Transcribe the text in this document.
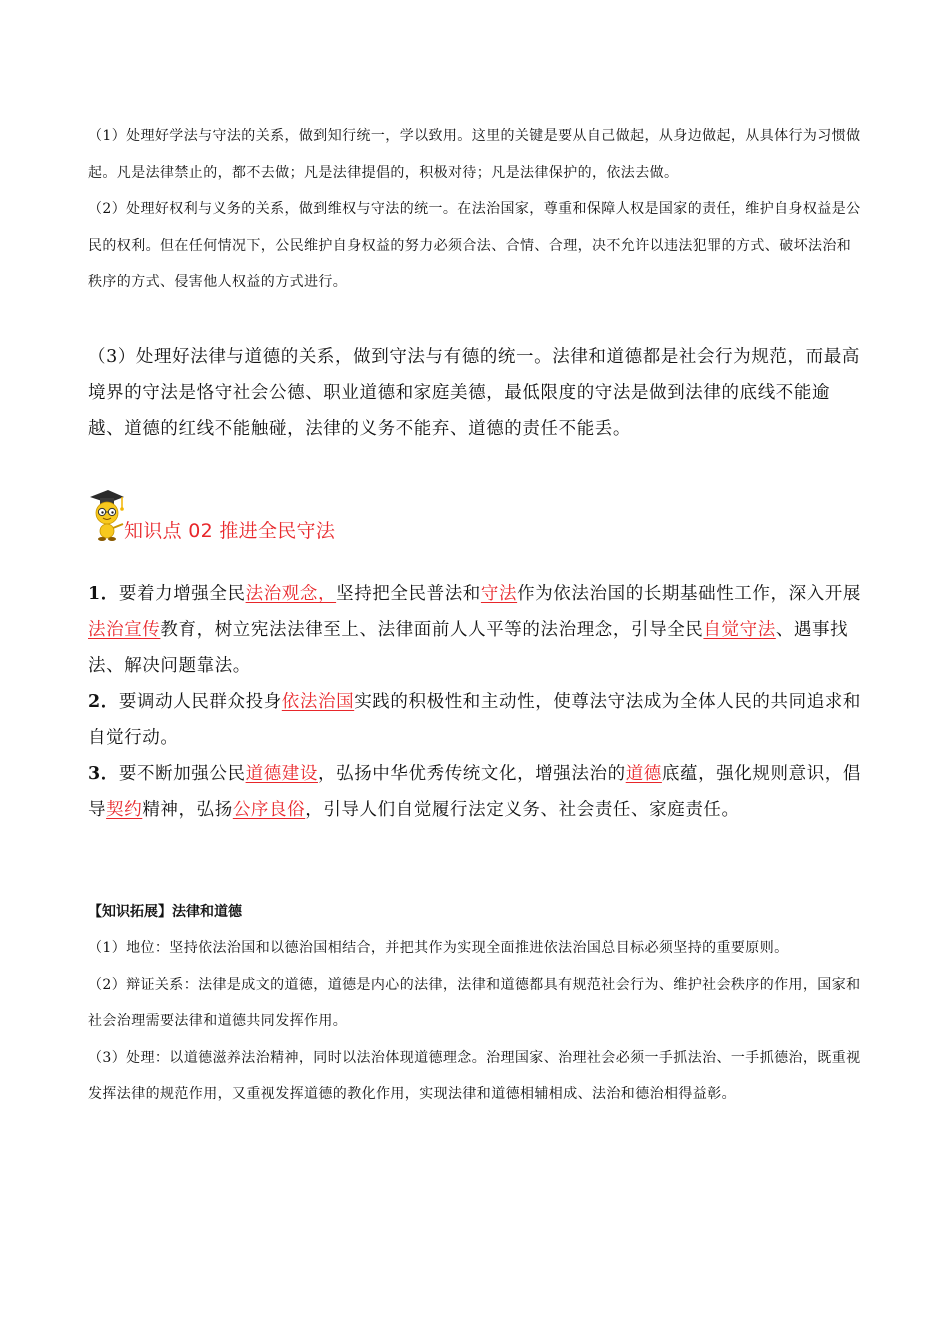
（1）处理好学法与守法的关系，做到知行统一，学以致用。这里的关键是要从自己做起，从身边做起，从具体行为习惯做起。凡是法律禁止的，都不去做；凡是法律提倡的，积极对待；凡是法律保护的，依法去做。

（2）处理好权利与义务的关系，做到维权与守法的统一。在法治国家，尊重和保障人权是国家的责任，维护自身权益是公民的权利。但在任何情况下，公民维护自身权益的努力必须合法、合情、合理，决不允许以违法犯罪的方式、破坏法治和秩序的方式、侵害他人权益的方式进行。

（3）处理好法律与道德的关系，做到守法与有德的统一。法律和道德都是社会行为规范，而最高境界的守法是恪守社会公德、职业道德和家庭美德，最低限度的守法是做到法律的底线不能逾越、道德的红线不能触碰，法律的义务不能弃、道德的责任不能丢。

知识点 02 推进全民守法

1．要着力增强全民法治观念，坚持把全民普法和守法作为依法治国的长期基础性工作，深入开展法治宣传教育，树立宪法法律至上、法律面前人人平等的法治理念，引导全民自觉守法、遇事找法、解决问题靠法。

2．要调动人民群众投身依法治国实践的积极性和主动性，使尊法守法成为全体人民的共同追求和自觉行动。

3．要不断加强公民道德建设，弘扬中华优秀传统文化，增强法治的道德底蕴，强化规则意识，倡导契约精神，弘扬公序良俗，引导人们自觉履行法定义务、社会责任、家庭责任。

【知识拓展】法律和道德

（1）地位：坚持依法治国和以德治国相结合，并把其作为实现全面推进依法治国总目标必须坚持的重要原则。

（2）辩证关系：法律是成文的道德，道德是内心的法律，法律和道德都具有规范社会行为、维护社会秩序的作用，国家和社会治理需要法律和道德共同发挥作用。

（3）处理：以道德滋养法治精神，同时以法治体现道德理念。治理国家、治理社会必须一手抓法治、一手抓德治，既重视发挥法律的规范作用，又重视发挥道德的教化作用，实现法律和道德相辅相成、法治和德治相得益彰。
